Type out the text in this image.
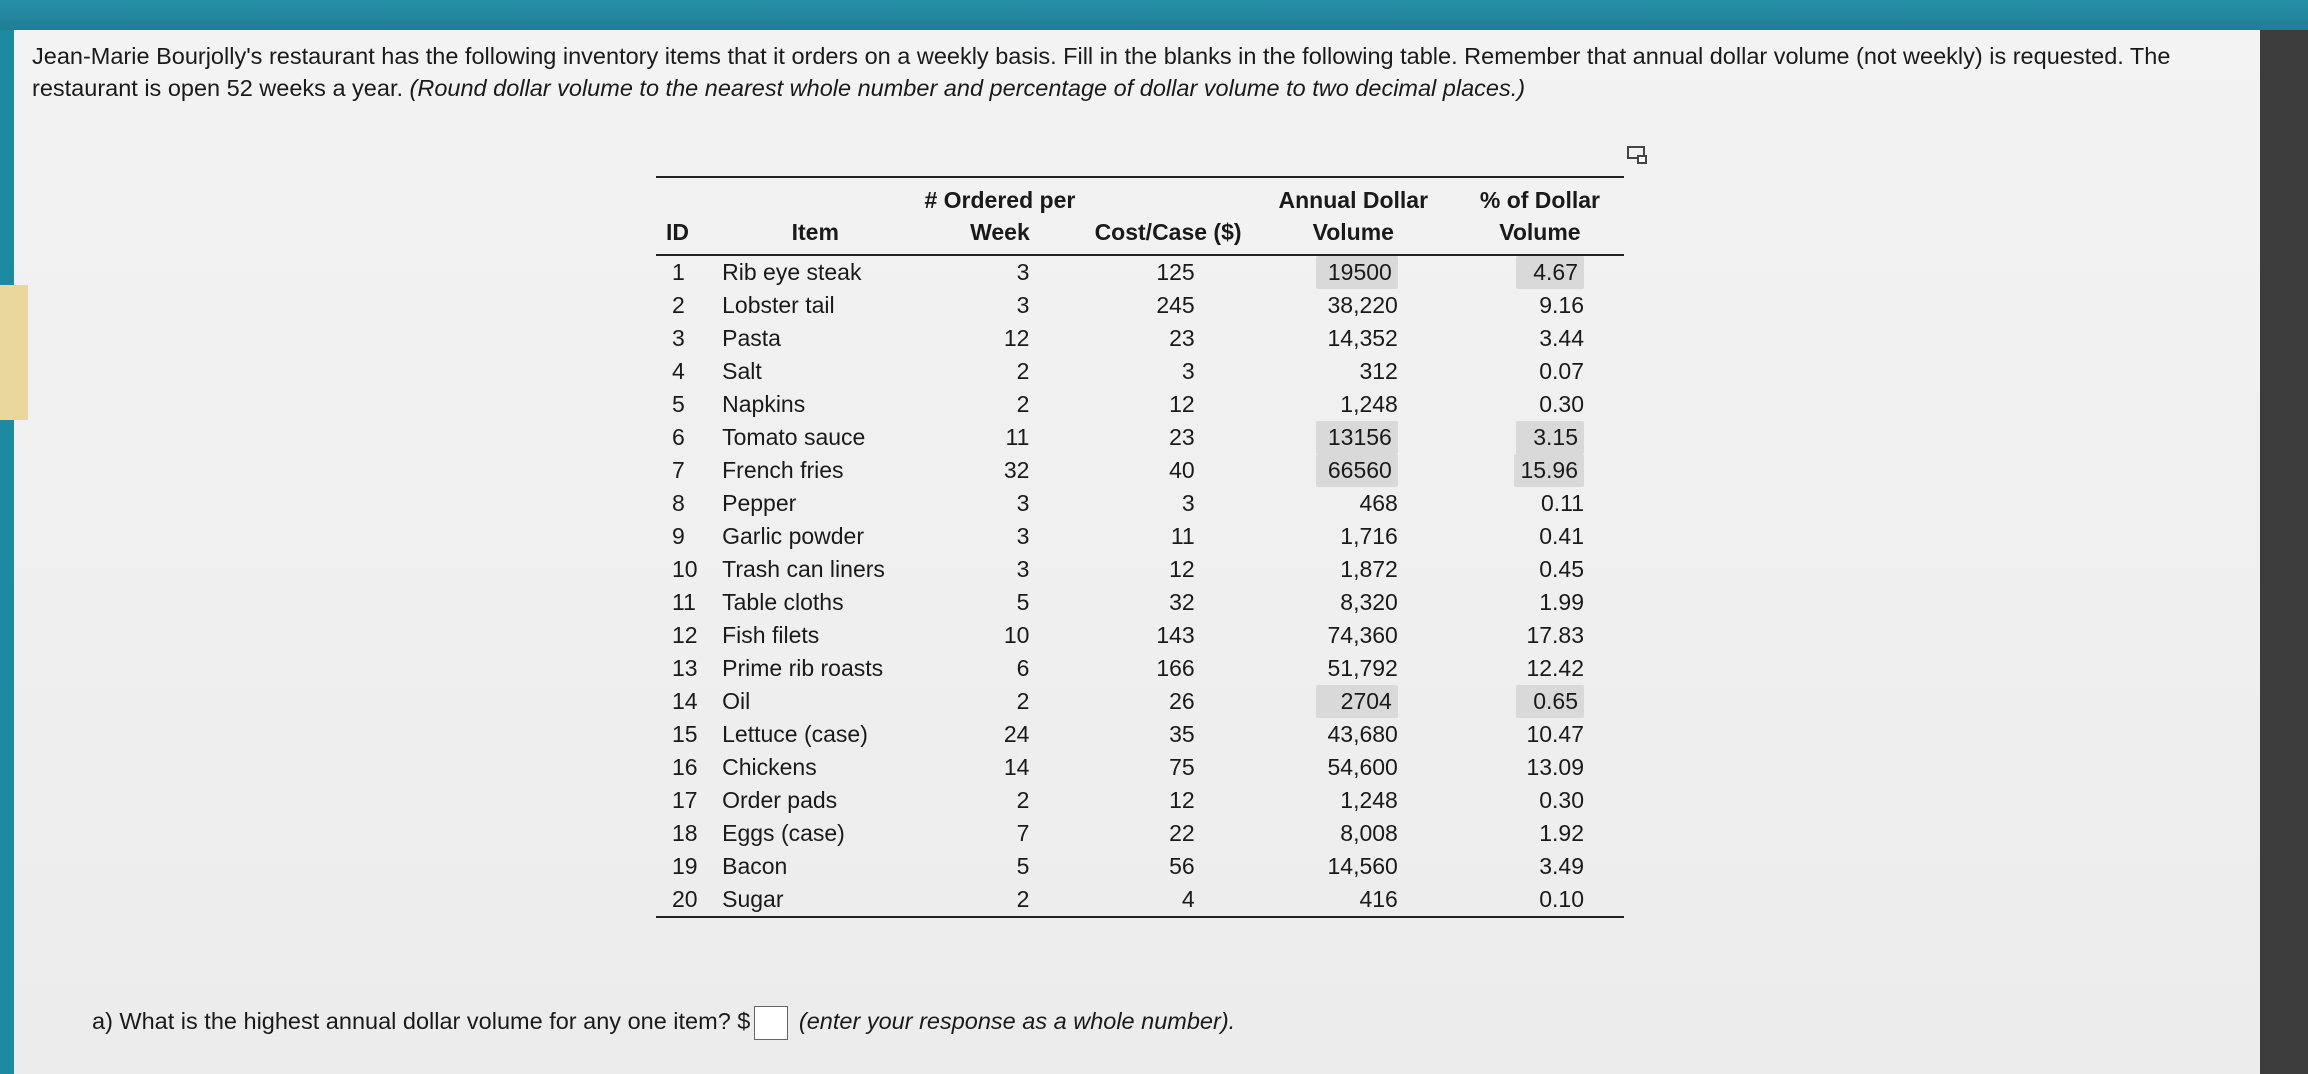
Jean-Marie Bourjolly's restaurant has the following inventory items that it orders on a weekly basis. Fill in the blanks in the following table. Remember that annual dollar volume (not weekly) is requested. The restaurant is open 52 weeks a year. (Round dollar volume to the nearest whole number and percentage of dollar volume to two decimal places.)
ID	Item	# Ordered per Week	Cost/Case ($)	Annual Dollar Volume	% of Dollar Volume
1	Rib eye steak	3	125	19500	4.67
2	Lobster tail	3	245	38,220	9.16
3	Pasta	12	23	14,352	3.44
4	Salt	2	3	312	0.07
5	Napkins	2	12	1,248	0.30
6	Tomato sauce	11	23	13156	3.15
7	French fries	32	40	66560	15.96
8	Pepper	3	3	468	0.11
9	Garlic powder	3	11	1,716	0.41
10	Trash can liners	3	12	1,872	0.45
11	Table cloths	5	32	8,320	1.99
12	Fish filets	10	143	74,360	17.83
13	Prime rib roasts	6	166	51,792	12.42
14	Oil	2	26	2704	0.65
15	Lettuce (case)	24	35	43,680	10.47
16	Chickens	14	75	54,600	13.09
17	Order pads	2	12	1,248	0.30
18	Eggs (case)	7	22	8,008	1.92
19	Bacon	5	56	14,560	3.49
20	Sugar	2	4	416	0.10
a) What is the highest annual dollar volume for any one item? $ (enter your response as a whole number).
